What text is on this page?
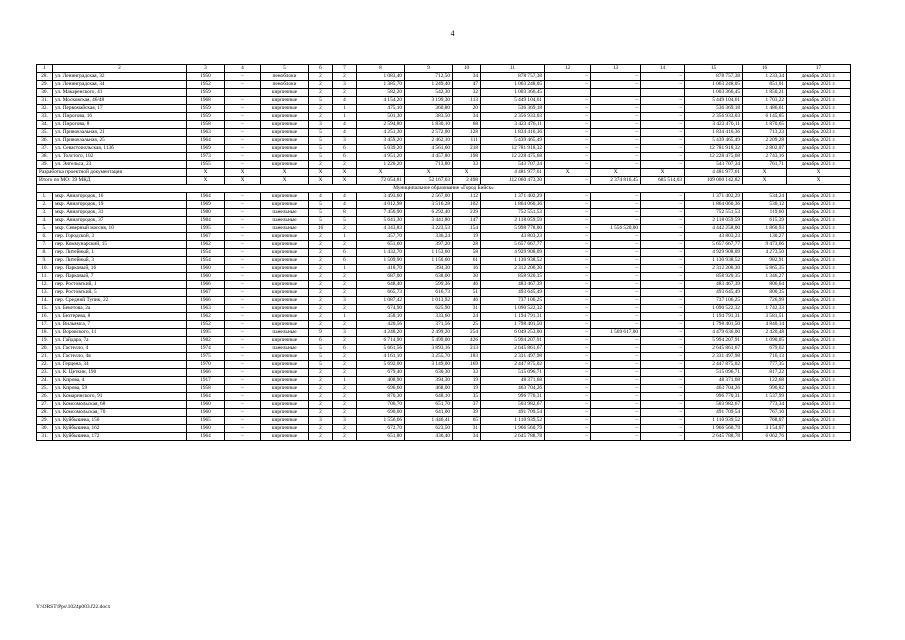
4
1	2	3	4	5	6	7	8	9	10	11	12	13	14	15	16	17
28.	ул. Ленинградская, 32	1950	–	пеноблоки	2	2	1 083,40	712,50	34	878 757,38	–	–	–	878 757,38	1 233,34	декабрь 2021 г.
29.	ул. Ленинградская, 34	1952	–	пеноблоки	2	3	1 385,70	1 249,40	47	1 063 248,05	–	–	–	1 063 248,05	851,01	декабрь 2021 г.
30.	ул. Макаренского, 41	1959		кирпичные	2	2	582,20	542,30	32	1 003 366,45				1 003 366,45	1 850,21	декабрь 2021 г.
31.	ул. Московская, 46/48	1968	–	кирпичные	5	4	4 154,20	3 199,30	113	5 449 104,61	–	–	–	5 449 104,61	1 703,22	декабрь 2021 г.
32.	ул. Первомайская, 17	1959	–	кирпичные	2	1	475,10	360,80	20	536 369,18	–	–	–	536 369,18	1 486,61	декабрь 2021 г.
33.	ул. Пирогова, 16	1959	–	кирпичные	2	1	501,30	383,50	34	2 356 933,03	–	–	–	2 356 933,03	6 145,85	декабрь 2021 г.
34.	ул. Пирогова, 8	1958	–	кирпичные	3	4	2 594,80	1 830,10	68	3 423 476,11	–	–	–	3 423 476,11	1 870,65	декабрь 2021 г.
35.	ул. Привокзальная, 21	1963	–	кирпичные	5	4	4 251,30	2 572,00	128	1 834 416,36	–	–	–	1 834 416,36	713,23	декабрь 2023 г.
36.	ул. Привокзальная, 25	1964	–	кирпичные	5	3	3 459,20	2 462,10	111	5 439 465,49	–	–	–	5 439 465,49	2 209,28	декабрь 2021 г.
37.	ул. Севастопольская, 113б	1969	–	кирпичные	5	6	5 039,20	4 561,60	218	12 781 918,32	–	–	–	12 781 918,32	2 802,07	декабрь 2021 г.
38.	ул. Толстого, 102	1973	–	кирпичные	5	6	4 951,20	4 457,80	198	12 228 475,68	–	–	–	12 228 475,68	2 743,16	декабрь 2021 г.
39.	ул. Энгельса, 23	1955	–	кирпичные	2	2	1 220,20	713,80	33	543 707,34	–	–	–	543 707,34	761,71	декабрь 2021 г.
Разработка проектной документации		X	X	X	X	X	X	X	X	4 481 977,61	X	X	X	4 481 977,61	X	X
Итого по МО: 39 МКД		X	X	X	X	X	72 054,81	52 167,63	2 498	112 060 473,30	–	2 374 816,45	685 514,03	109 000 142,82	X	X
Муниципальное образование «Город Бийск»																
1.	мкр. Авиагородок, 16	1964	–	кирпичные	4	4	3 493,60	2 567,00	112	1 371 402,29	–	–	–	1 371 402,29	534,24	декабрь 2021 г.
2.	мкр. Авиагородок, 19	1969	–	кирпичные	5	4	4 012,98	3 516,28	102	1 864 060,36	–	–	–	1 864 060,36	530,12	декабрь 2021 г.
3.	мкр. Авиагородок, 31	1980	–	панельные	5	8	7 450,90	6 292,40	239	752 551,53	–	–	–	752 551,53	119,60	декабрь 2021 г.
4.	мкр. Авиагородок, 37	1984	–	панельные	5	5	5 641,30	3 441,80	147	2 118 059,59	–	–	–	2 118 059,59	615,39	декабрь 2021 г.
5.	мкр. Северный массив, 10	1995	–	панельные	16	2	4 343,83	3 223,53	154	5 998 778,00	–	1 556 520,00	–	4 442 258,00	1 860,93	декабрь 2021 г.
6.	пер. Городской, 3	1967	–	кирпичные	2	1	357,70	336,24	19	43 803,23	–	–	–	43 803,23	130,27	декабрь 2021 г.
7.	пер. Коммунарский, 15	1962	–	кирпичные	2	2	651,60	397,20	28	5 657 667,77	–	–	–	5 657 667,77	9 473,66	декабрь 2021 г.
8.	пер. Литейный, 1	1954	–	кирпичные	2	6	1 432,70	1 153,60	58	4 929 908,09	–	–	–	4 929 908,09	4 273,50	декабрь 2021 г.
9.	пер. Литейный, 3	1954	–	кирпичные	2	6	1 509,90	1 150,60	61	1 130 938,52	–	–	–	1 130 938,52	982,91	декабрь 2021 г.
10.	пер. Парковый, 16	1960	–	кирпичные	2	1	418,70	394,30	16	2 312 200,30	–	–	–	2 312 200,30	5 865,35	декабрь 2021 г.
11.	пер. Парковый, 7	1960	–	кирпичные	2	2	687,00	638,00	30	858 920,35	–	–	–	858 920,35	1 346,27	декабрь 2021 г.
12.	пер. Ростовский, 1	1966	–	кирпичные	2	2	648,40	599,36	46	483 467,39	–	–	–	483 467,39	806,64	декабрь 2021 г.
13.	пер. Ростовский, 5	1967	–	кирпичные	2	2	665,73	616,73	51	493 645,49	–	–	–	493 645,49	800,35	декабрь 2021 г.
14.	пер. Средний Тупик, 22	1966	–	кирпичные	2	3	1 087,42	1 013,92	46	737 106,25	–	–	–	737 106,25	726,99	декабрь 2021 г.
15.	ул. Бекетова, 2а	1963	–	кирпичные	2	2	674,90	625,90	31	1 090 522,32	–	–	–	1 090 522,32	1 742,33	декабрь 2021 г.
16.	ул. Бехтерева, 8	1962	–	кирпичные	2	1	358,10	333,60	24	1 194 791,31	–	–	–	1 194 791,31	3 581,51	декабрь 2021 г.
17.	ул. Вильямса, 7	1952	–	кирпичные	2	2	420,56	371,56	25	1 798 401,50	–	–	–	1 798 401,50	4 840,14	декабрь 2021 г.
18.	ул. Воровского, 11	1995	–	панельные	9	3	4 248,20	2 499,20	254	6 049 253,00	–	1 569 617,00	–	4 479 636,00	2 420,48	декабрь 2021 г.
19.	ул. Гайдара, 7а	1982	–	кирпичные	6	2	6 714,90	5 499,00	426	5 994 207,91	–	–	–	5 994 207,91	1 090,05	декабрь 2021 г.
20.	ул. Гастелло, 4	1974	–	панельные	5	6	5 661,56	3 893,16	213	2 645 861,67	–	–	–	2 645 861,67	679,62	декабрь 2021 г.
21.	ул. Гастелло, 4в	1975	–	кирпичные	5	2	4 161,10	3 255,70	183	2 331 497,98	–	–	–	2 331 497,98	716,13	декабрь 2021 г.
22.	ул. Герцена, 34	1970	–	кирпичные	5	2	5 692,00	3 149,00	169	2 447 875,02	–	–	–	2 447 875,02	777,35	декабрь 2021 г.
23.	ул. К. Цеткин, 190	1966	–	кирпичные	2	2	679,40	630,30	33	515 096,71	–	–	–	515 096,71	817,22	декабрь 2021 г.
24.	ул. Кирова, 4	1917	–	кирпичные	2	1	408,90	394,30	19	48 371,68	–	–	–	48 371,68	122,68	декабрь 2021 г.
25.	ул. Кирова, 59	1958	–	кирпичные	2	2	696,60	468,00	19	463 704,26	–	–	–	463 704,26	990,82	декабрь 2021 г.
26.	ул. Комаринского, 91	1964	–	кирпичные	2	2	870,30	648,10	35	996 770,31	–	–	–	996 770,31	1 537,99	декабрь 2021 г.
27.	ул. Комсомольская, 68	1960	–	кирпичные	2	2	700,70	651,70	37	503 982,67	–	–	–	503 982,67	773,34	декабрь 2021 г.
28.	ул. Комсомольская, 70	1960	–	кирпичные	2	2	690,00	641,00	39	491 709,54	–	–	–	491 709,54	767,10	декабрь 2021 г.
29.	ул. Куйбышева, 150	1965	–	кирпичные	3	3	1 556,66	1 446,41	65	1 110 939,52	–	–	–	1 110 939,52	768,07	декабрь 2021 г.
30.	ул. Куйбышева, 162	1960	–	кирпичные	2	2	672,70	623,50	31	1 966 560,79	–	–	–	1 966 560,79	3 154,07	декабрь 2021 г.
31.	ул. Куйбышева, 172	1964	–	кирпичные	2	2	651,80	436,40	34	2 645 788,78	–	–	–	2 645 788,78	6 062,76	декабрь 2021 г.
Y:\ORST\Pps\1024p003.f22.docx
